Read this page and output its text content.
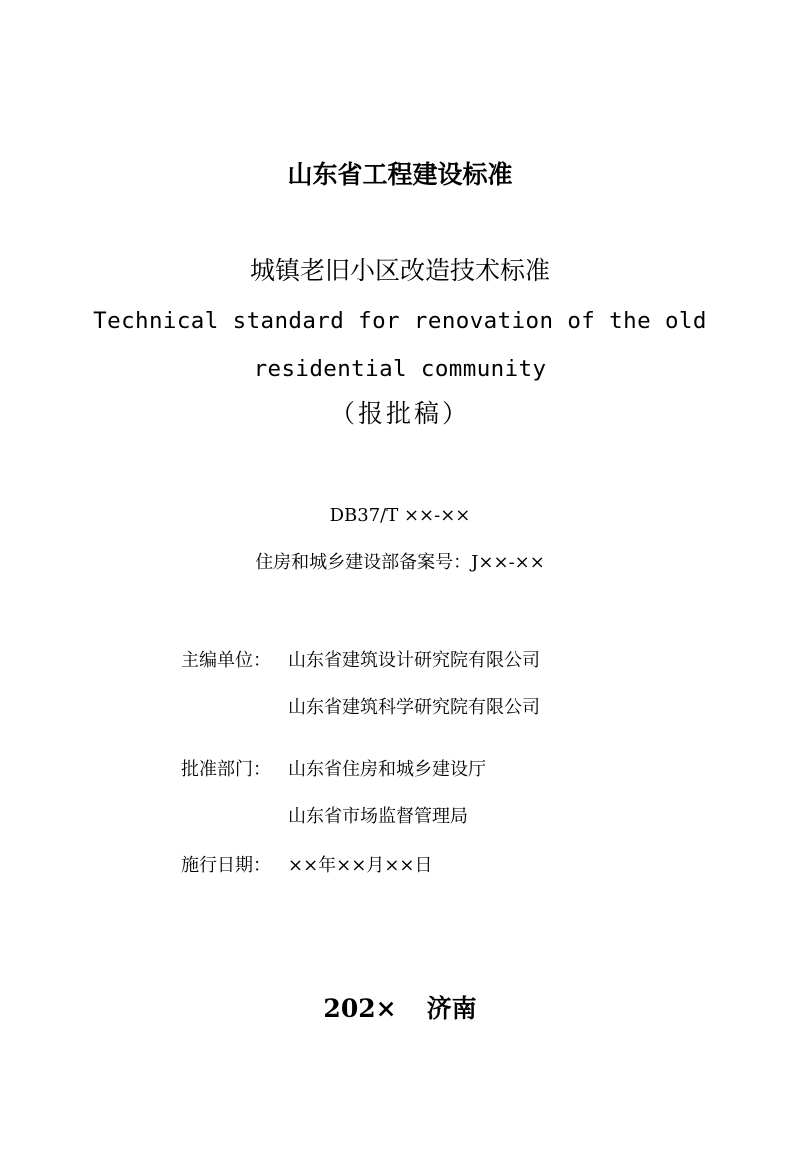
山东省工程建设标准
城镇老旧小区改造技术标准
Technical standard for renovation of the old
residential community
（报批稿）
DB37/T ××-××
住房和城乡建设部备案号：J××-××
主编单位： 山东省建筑设计研究院有限公司
山东省建筑科学研究院有限公司
批准部门： 山东省住房和城乡建设厅
山东省市场监督管理局
施行日期： ××年××月××日
202× 济南
